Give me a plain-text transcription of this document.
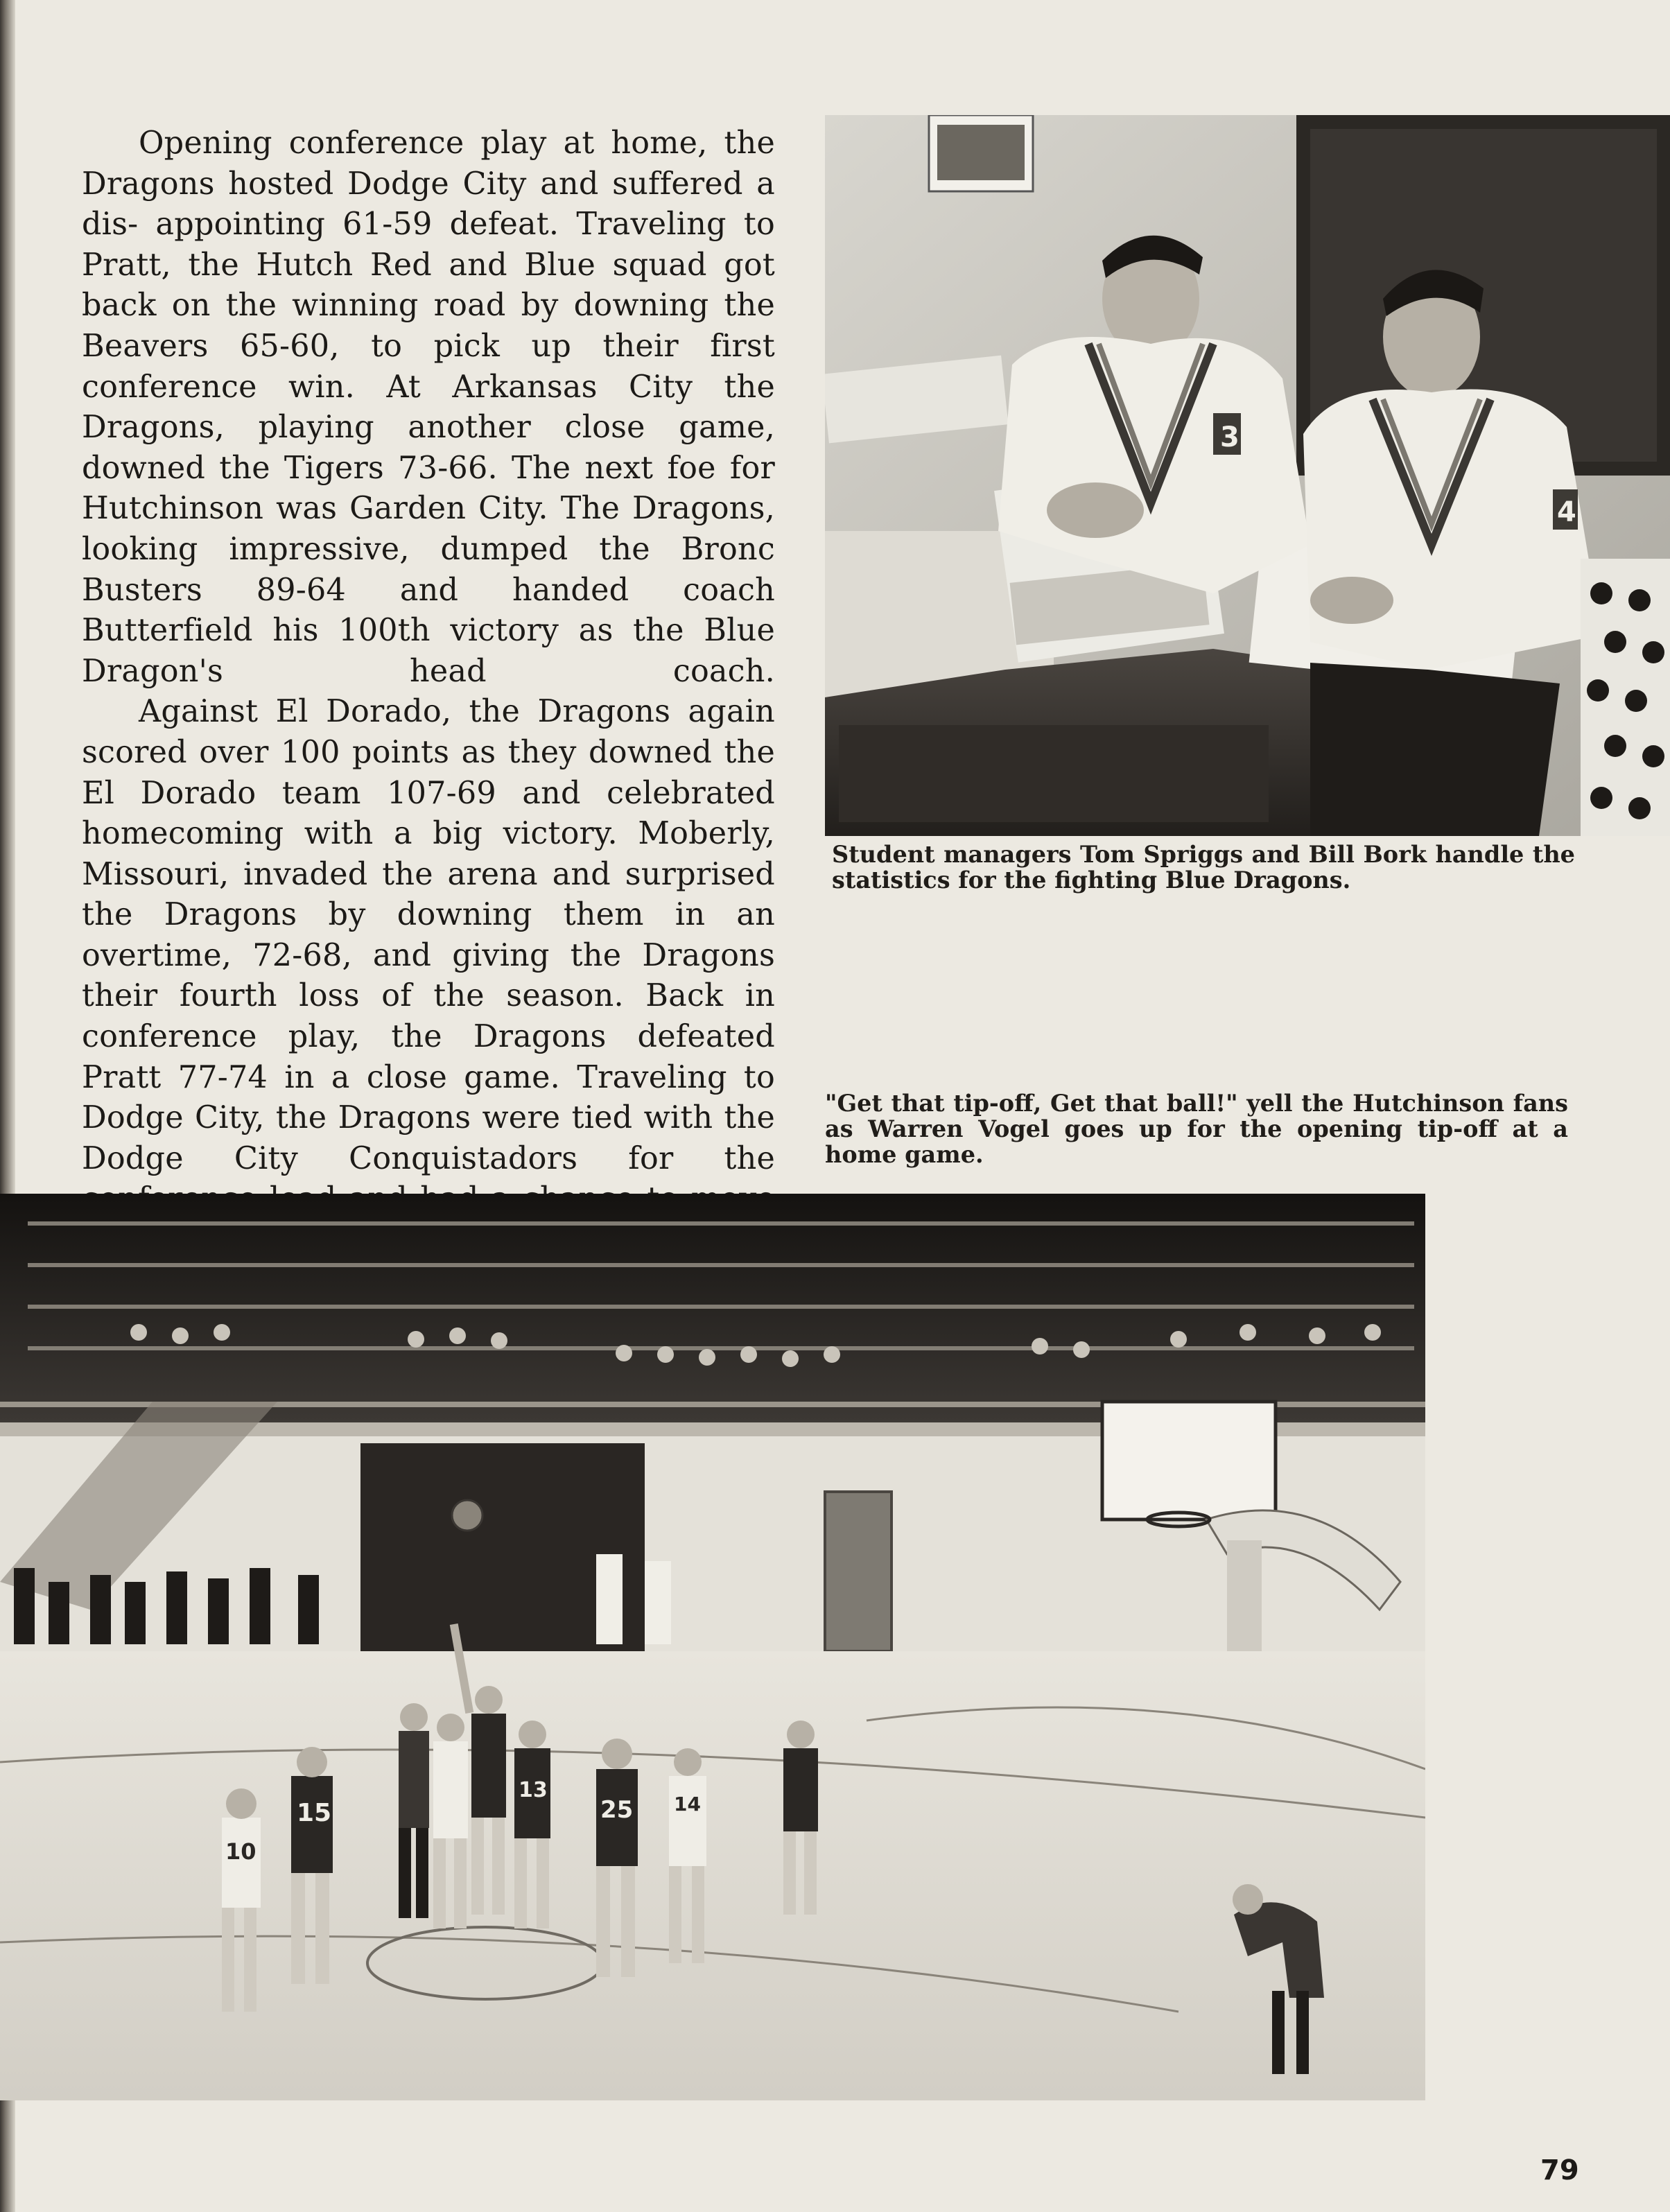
Opening conference play at home, the Dragons hosted Dodge City and suffered a dis- appointing 61-59 defeat. Traveling to Pratt, the Hutch Red and Blue squad got back on the winning road by downing the Beavers 65-60, to pick up their first conference win. At Arkansas City the Dragons, playing another close game, downed the Tigers 73-66. The next foe for Hutchinson was Garden City. The Dragons, looking impressive, dumped the Bronc Busters 89-64 and handed coach Butterfield his 100th victory as the Blue Dragon's head coach.

Against El Dorado, the Dragons again scored over 100 points as they downed the El Dorado team 107-69 and celebrated homecoming with a big victory. Moberly, Missouri, invaded the arena and surprised the Dragons by downing them in an overtime, 72-68, and giving the Dragons their fourth loss of the season. Back in conference play, the Dragons defeated Pratt 77-74 in a close game. Traveling to Dodge City, the Dragons were tied with the Dodge City Conquistadors for the

3
4
Student managers Tom Spriggs and Bill Bork handle the statistics for the fighting Blue Dragons.
"Get that tip-off, Get that ball!" yell the Hutchinson fans as Warren Vogel goes up for the opening tip-off at a home game.
15
10
13
25 14
79
